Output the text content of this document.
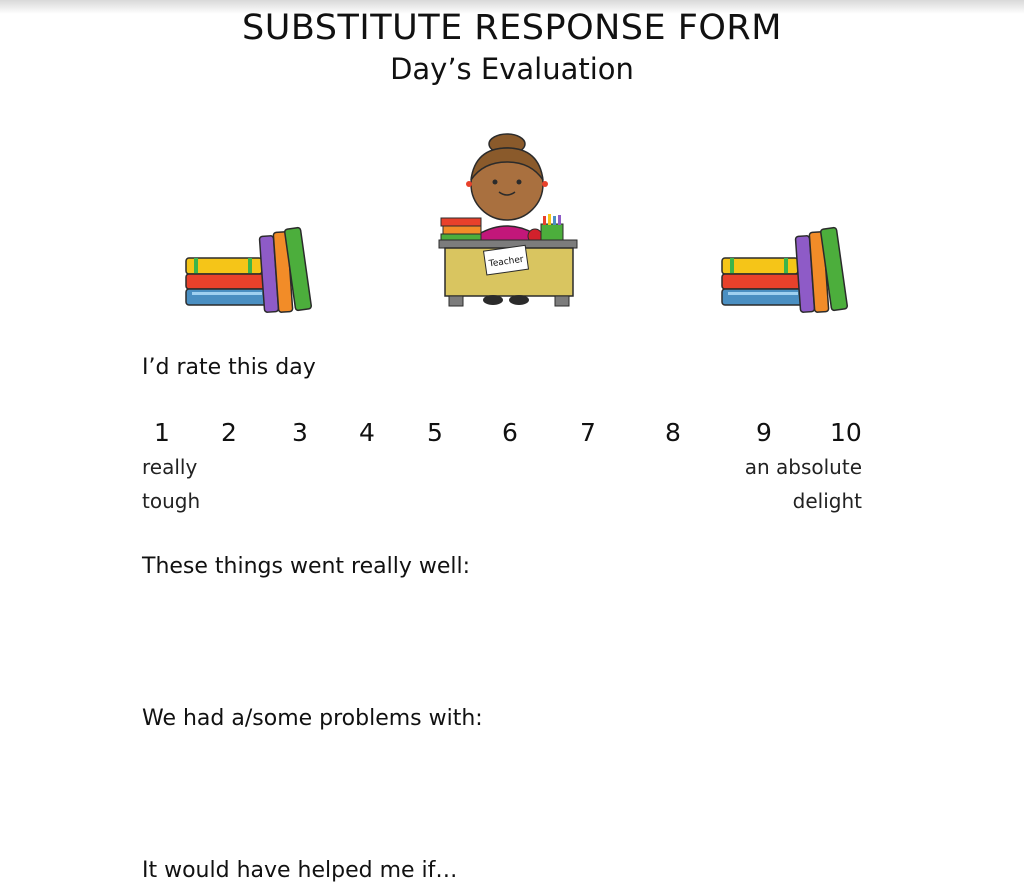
SUBSTITUTE RESPONSE FORM
Day’s Evaluation
Teacher
I’d rate this day
1 2 3 4 5 6 7	8	9 10
really
tough
an absolute
delight
These things went really well:
We had a/some problems with:
It would have helped me if…
